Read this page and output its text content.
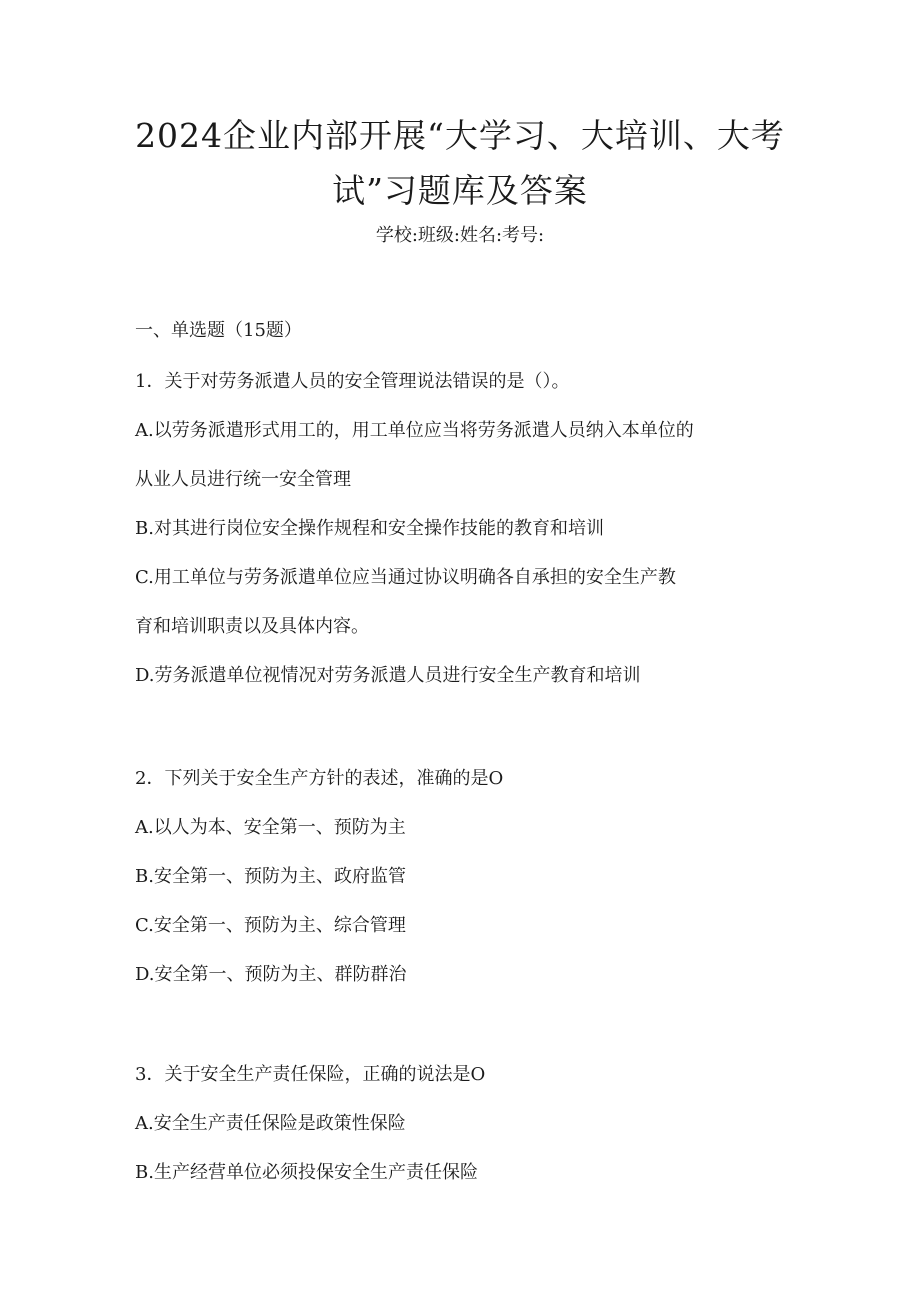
2024企业内部开展“大学习、大培训、大考
试”习题库及答案

学校:班级:姓名:考号:

一、单选题（15题）

1．关于对劳务派遣人员的安全管理说法错误的是（）。
A.以劳务派遣形式用工的，用工单位应当将劳务派遣人员纳入本单位的
从业人员进行统一安全管理
B.对其进行岗位安全操作规程和安全操作技能的教育和培训
C.用工单位与劳务派遣单位应当通过协议明确各自承担的安全生产教
育和培训职责以及具体内容。
D.劳务派遣单位视情况对劳务派遣人员进行安全生产教育和培训
2．下列关于安全生产方针的表述，准确的是O
A.以人为本、安全第一、预防为主
B.安全第一、预防为主、政府监管
C.安全第一、预防为主、综合管理
D.安全第一、预防为主、群防群治
3．关于安全生产责任保险，正确的说法是O
A.安全生产责任保险是政策性保险
B.生产经营单位必须投保安全生产责任保险
